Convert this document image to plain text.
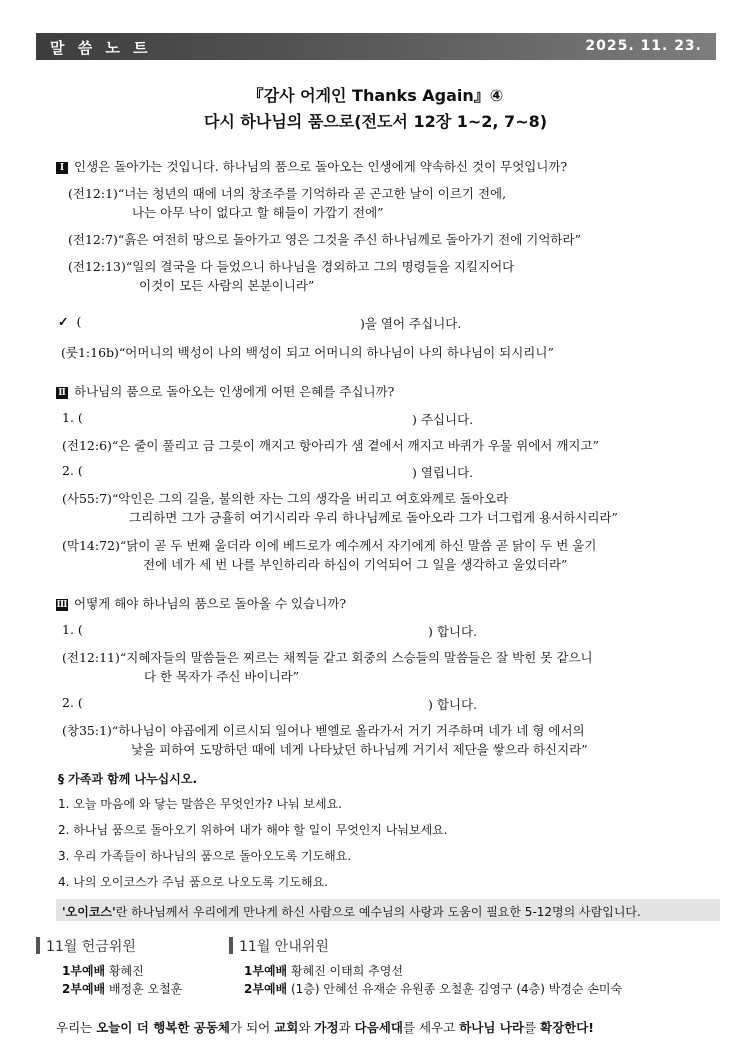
말 씀 노 트	2025. 11. 23.
『감사 어게인 Thanks Again』④
다시 하나님의 품으로(전도서 12장 1~2, 7~8)
Ⅰ 인생은 돌아가는 것입니다. 하나님의 품으로 돌아오는 인생에게 약속하신 것이 무엇입니까?
(전12:1)“너는 청년의 때에 너의 창조주를 기억하라 곧 곤고한 날이 이르기 전에,
나는 아무 낙이 없다고 할 해들이 가깝기 전에”
(전12:7)“흙은 여전히 땅으로 돌아가고 영은 그것을 주신 하나님께로 돌아가기 전에 기억하라”
(전12:13)“일의 결국을 다 들었으니 하나님을 경외하고 그의 명령들을 지킬지어다
이것이 모든 사람의 본분이니라”
✓ (	)을 열어 주십니다.
(룻1:16b)“어머니의 백성이 나의 백성이 되고 어머니의 하나님이 나의 하나님이 되시리니”
Ⅱ 하나님의 품으로 돌아오는 인생에게 어떤 은혜를 주십니까?
1. (	) 주십니다.
(전12:6)“은 줄이 풀리고 금 그릇이 깨지고 항아리가 샘 곁에서 깨지고 바퀴가 우물 위에서 깨지고”
2. (	) 열립니다.
(사55:7)“악인은 그의 길을, 불의한 자는 그의 생각을 버리고 여호와께로 돌아오라
그리하면 그가 긍휼히 여기시리라 우리 하나님께로 돌아오라 그가 너그럽게 용서하시리라”
(막14:72)“닭이 곧 두 번째 울더라 이에 베드로가 예수께서 자기에게 하신 말씀 곧 닭이 두 번 울기
전에 네가 세 번 나를 부인하리라 하심이 기억되어 그 일을 생각하고 울었더라”
Ⅲ 어떻게 해야 하나님의 품으로 돌아올 수 있습니까?
1. (	) 합니다.
(전12:11)“지혜자들의 말씀들은 찌르는 채찍들 같고 회중의 스승들의 말씀들은 잘 박힌 못 같으니
다 한 목자가 주신 바이니라”
2. (	) 합니다.
(창35:1)“하나님이 야곱에게 이르시되 일어나 벧엘로 올라가서 거기 거주하며 네가 네 형 에서의
낯을 피하여 도망하던 때에 네게 나타났던 하나님께 거기서 제단을 쌓으라 하신지라”
§ 가족과 함께 나누십시오.
1. 오늘 마음에 와 닿는 말씀은 무엇인가? 나눠 보세요.
2. 하나님 품으로 돌아오기 위하여 내가 해야 할 일이 무엇인지 나눠보세요.
3. 우리 가족들이 하나님의 품으로 돌아오도록 기도해요.
4. 나의 오이코스가 주님 품으로 나오도록 기도해요.
'오이코스'란 하나님께서 우리에게 만나게 하신 사람으로 예수님의 사랑과 도움이 필요한 5-12명의 사람입니다.
11월 헌금위원
1부예배 황혜진
2부예배 배정훈 오철훈
11월 안내위원
1부예배 황혜진 이태희 추영선
2부예배 (1층) 안혜선 유재순 유원종 오철훈 김영구 (4층) 박경순 손미숙
우리는 오늘이 더 행복한 공동체가 되어 교회와 가정과 다음세대를 세우고 하나님 나라를 확장한다!
